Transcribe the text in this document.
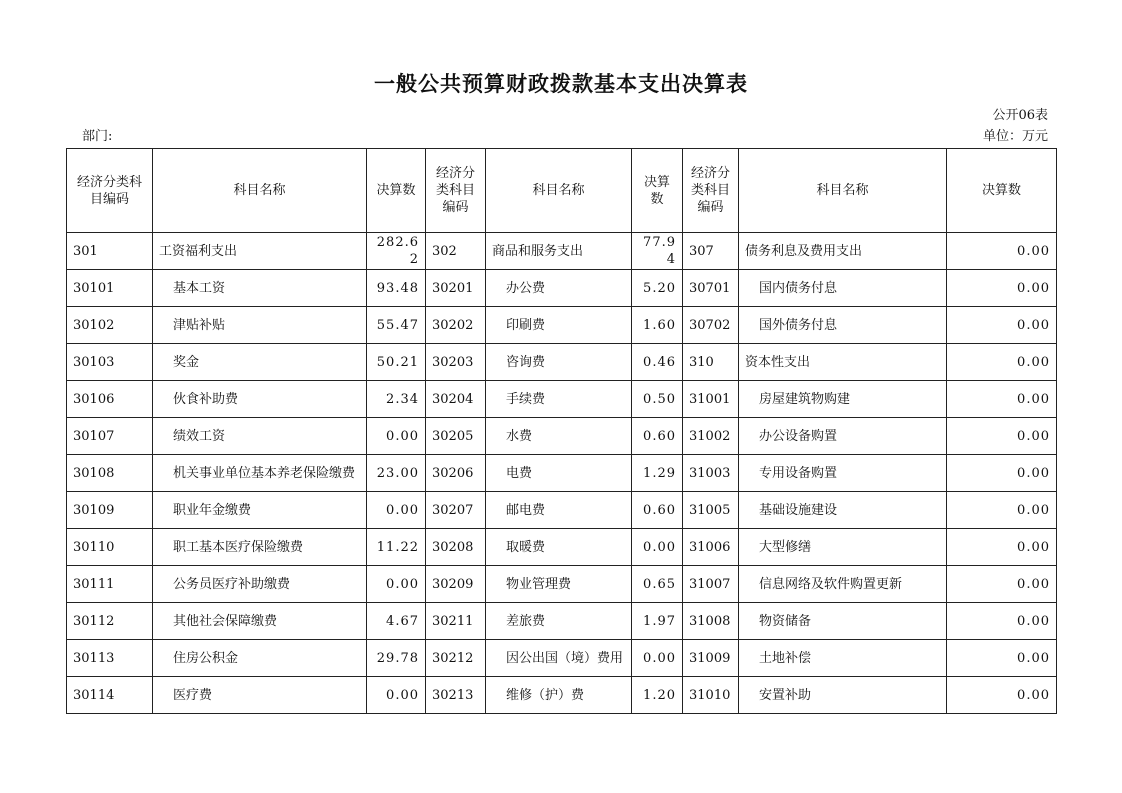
一般公共预算财政拨款基本支出决算表
公开06表
部门:	单位：万元
经济分类科目编码	科目名称	决算数	经济分类科目编码	科目名称	决算数	经济分类科目编码	科目名称	决算数
301	工资福利支出	282.62	302	商品和服务支出	77.94	307	债务利息及费用支出	0.00
30101	基本工资	93.48	30201	办公费	5.20	30701	国内债务付息	0.00
30102	津贴补贴	55.47	30202	印刷费	1.60	30702	国外债务付息	0.00
30103	奖金	50.21	30203	咨询费	0.46	310	资本性支出	0.00
30106	伙食补助费	2.34	30204	手续费	0.50	31001	房屋建筑物购建	0.00
30107	绩效工资	0.00	30205	水费	0.60	31002	办公设备购置	0.00
30108	机关事业单位基本养老保险缴费	23.00	30206	电费	1.29	31003	专用设备购置	0.00
30109	职业年金缴费	0.00	30207	邮电费	0.60	31005	基础设施建设	0.00
30110	职工基本医疗保险缴费	11.22	30208	取暖费	0.00	31006	大型修缮	0.00
30111	公务员医疗补助缴费	0.00	30209	物业管理费	0.65	31007	信息网络及软件购置更新	0.00
30112	其他社会保障缴费	4.67	30211	差旅费	1.97	31008	物资储备	0.00
30113	住房公积金	29.78	30212	因公出国（境）费用	0.00	31009	土地补偿	0.00
30114	医疗费	0.00	30213	维修（护）费	1.20	31010	安置补助	0.00
